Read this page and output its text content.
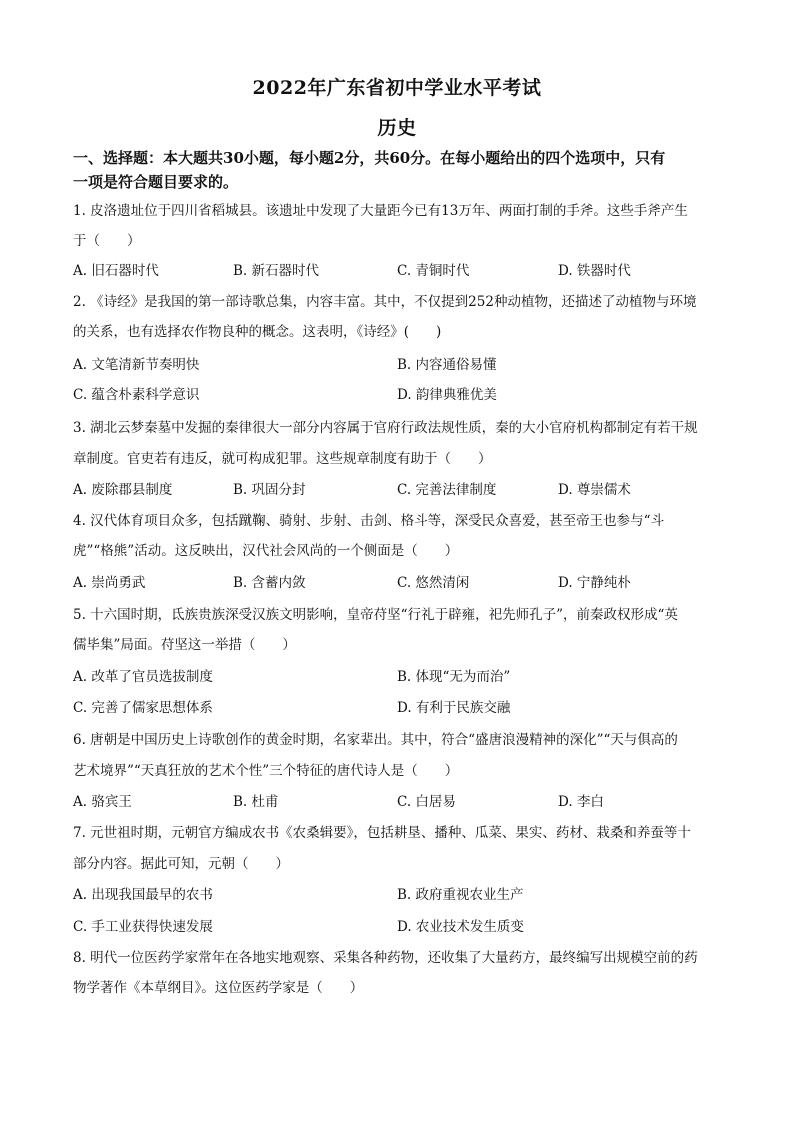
2022年广东省初中学业水平考试
历史
一、选择题：本大题共30小题，每小题2分，共60分。在每小题给出的四个选项中，只有
一项是符合题目要求的。
1. 皮洛遗址位于四川省稻城县。该遗址中发现了大量距今已有13万年、两面打制的手斧。这些手斧产生
于（　　）
A. 旧石器时代	B. 新石器时代	C. 青铜时代	D. 铁器时代
2. 《诗经》是我国的第一部诗歌总集，内容丰富。其中，不仅提到252种动植物，还描述了动植物与环境
的关系，也有选择农作物良种的概念。这表明，《诗经》(　　)
A. 文笔清新节奏明快	B. 内容通俗易懂
C. 蕴含朴素科学意识	D. 韵律典雅优美
3. 湖北云梦秦墓中发掘的秦律很大一部分内容属于官府行政法规性质，秦的大小官府机构都制定有若干规
章制度。官吏若有违反，就可构成犯罪。这些规章制度有助于（　　）
A. 废除郡县制度	B. 巩固分封	C. 完善法律制度	D. 尊崇儒术
4. 汉代体育项目众多，包括蹴鞠、骑射、步射、击剑、格斗等，深受民众喜爱，甚至帝王也参与“斗
虎”“格熊”活动。这反映出，汉代社会风尚的一个侧面是（　　）
A. 崇尚勇武	B. 含蓄内敛	C. 悠然清闲	D. 宁静纯朴
5. 十六国时期，氐族贵族深受汉族文明影响，皇帝苻坚“行礼于辟雍，祀先师孔子”，前秦政权形成“英
儒毕集”局面。苻坚这一举措（　　）
A. 改革了官员选拔制度	B. 体现“无为而治”
C. 完善了儒家思想体系	D. 有利于民族交融
6. 唐朝是中国历史上诗歌创作的黄金时期，名家辈出。其中，符合“盛唐浪漫精神的深化”“天与俱高的
艺术境界”“天真狂放的艺术个性”三个特征的唐代诗人是（　　）
A. 骆宾王	B. 杜甫	C. 白居易	D. 李白
7. 元世祖时期，元朝官方编成农书《农桑辑要》，包括耕垦、播种、瓜菜、果实、药材、栽桑和养蚕等十
部分内容。据此可知，元朝（　　）
A. 出现我国最早的农书	B. 政府重视农业生产
C. 手工业获得快速发展	D. 农业技术发生质变
8. 明代一位医药学家常年在各地实地观察、采集各种药物，还收集了大量药方，最终编写出规模空前的药
物学著作《本草纲目》。这位医药学家是（　　）
